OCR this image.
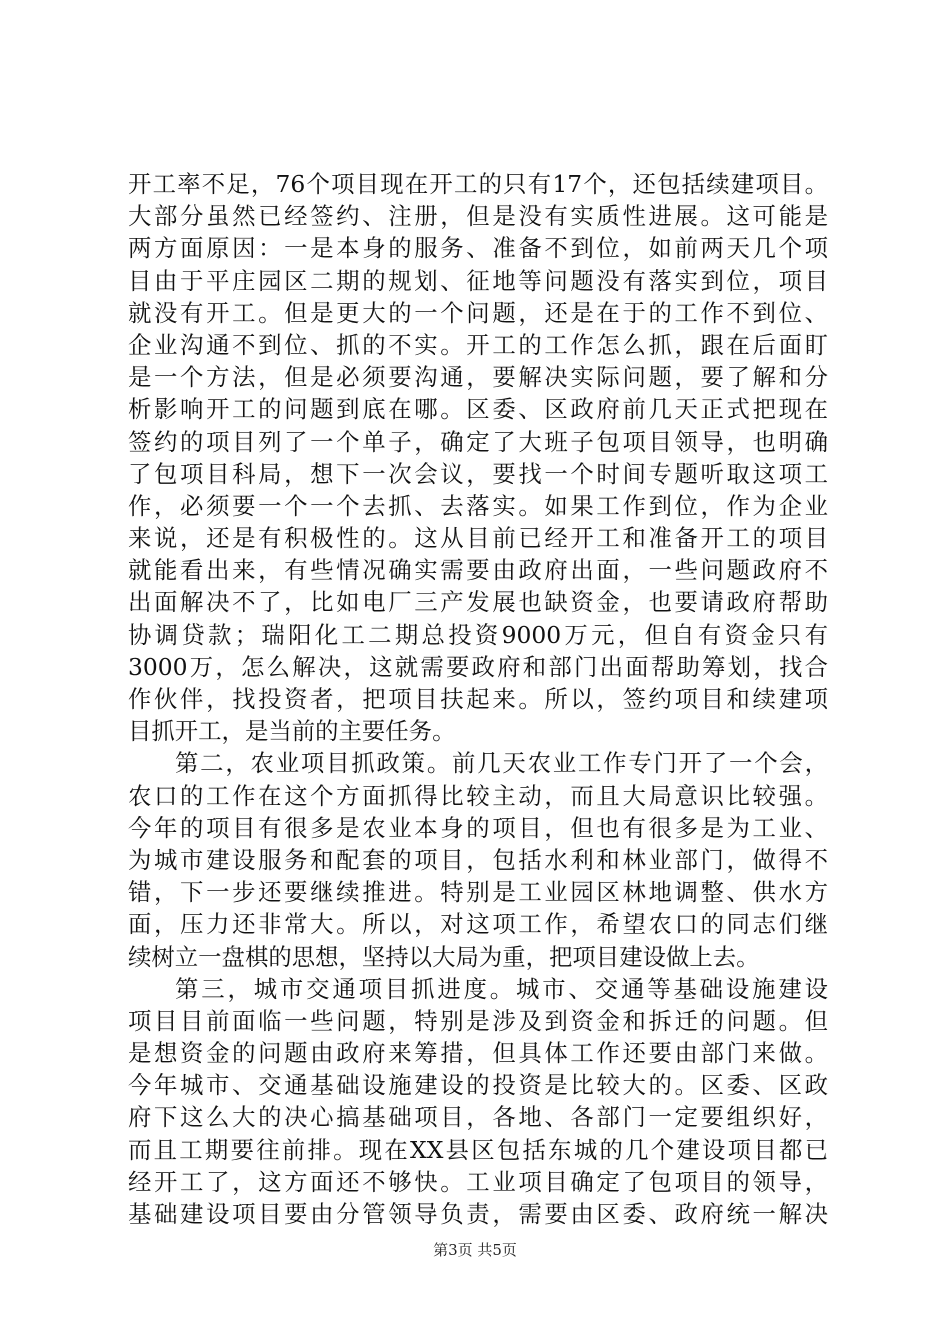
开工率不足，76个项目现在开工的只有17个，还包括续建项目。
大部分虽然已经签约、注册，但是没有实质性进展。这可能是
两方面原因：一是本身的服务、准备不到位，如前两天几个项
目由于平庄园区二期的规划、征地等问题没有落实到位，项目
就没有开工。但是更大的一个问题，还是在于的工作不到位、
企业沟通不到位、抓的不实。开工的工作怎么抓，跟在后面盯
是一个方法，但是必须要沟通，要解决实际问题，要了解和分
析影响开工的问题到底在哪。区委、区政府前几天正式把现在
签约的项目列了一个单子，确定了大班子包项目领导，也明确
了包项目科局，想下一次会议，要找一个时间专题听取这项工
作，必须要一个一个去抓、去落实。如果工作到位，作为企业
来说，还是有积极性的。这从目前已经开工和准备开工的项目
就能看出来，有些情况确实需要由政府出面，一些问题政府不
出面解决不了，比如电厂三产发展也缺资金，也要请政府帮助
协调贷款；瑞阳化工二期总投资9000万元，但自有资金只有
3000万，怎么解决，这就需要政府和部门出面帮助筹划，找合
作伙伴，找投资者，把项目扶起来。所以，签约项目和续建项
目抓开工，是当前的主要任务。
第二，农业项目抓政策。前几天农业工作专门开了一个会，
农口的工作在这个方面抓得比较主动，而且大局意识比较强。
今年的项目有很多是农业本身的项目，但也有很多是为工业、
为城市建设服务和配套的项目，包括水利和林业部门，做得不
错，下一步还要继续推进。特别是工业园区林地调整、供水方
面，压力还非常大。所以，对这项工作，希望农口的同志们继
续树立一盘棋的思想，坚持以大局为重，把项目建设做上去。
第三，城市交通项目抓进度。城市、交通等基础设施建设
项目目前面临一些问题，特别是涉及到资金和拆迁的问题。但
是想资金的问题由政府来筹措，但具体工作还要由部门来做。
今年城市、交通基础设施建设的投资是比较大的。区委、区政
府下这么大的决心搞基础项目，各地、各部门一定要组织好，
而且工期要往前排。现在XX县区包括东城的几个建设项目都已
经开工了，这方面还不够快。工业项目确定了包项目的领导，
基础建设项目要由分管领导负责，需要由区委、政府统一解决
第3页 共5页
